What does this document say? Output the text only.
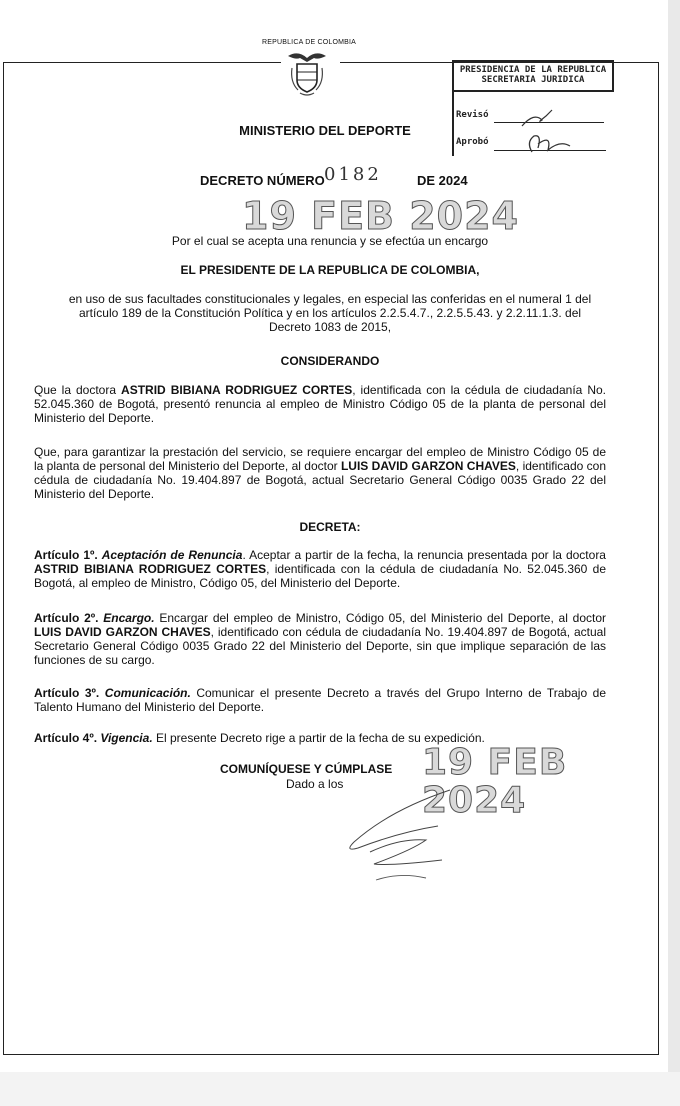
REPUBLICA DE COLOMBIA
PRESIDENCIA DE LA REPUBLICA
SECRETARIA JURIDICA
Revisó
Aprobó
MINISTERIO DEL DEPORTE
DECRETO NÚMERO 0182	DE 2024
19 FEB 2024
Por el cual se acepta una renuncia y se efectúa un encargo
EL PRESIDENTE DE LA REPUBLICA DE COLOMBIA,
en uso de sus facultades constitucionales y legales, en especial las conferidas en el numeral 1 del
artículo 189 de la Constitución Política y en los artículos 2.2.5.4.7., 2.2.5.5.43. y 2.2.11.1.3. del
Decreto 1083 de 2015,
CONSIDERANDO
Que la doctora ASTRID BIBIANA RODRIGUEZ CORTES, identificada con la cédula de ciudadanía No. 52.045.360 de Bogotá, presentó renuncia al empleo de Ministro Código 05 de la planta de personal del Ministerio del Deporte.
Que, para garantizar la prestación del servicio, se requiere encargar del empleo de Ministro Código 05 de la planta de personal del Ministerio del Deporte, al doctor LUIS DAVID GARZON CHAVES, identificado con cédula de ciudadanía No. 19.404.897 de Bogotá, actual Secretario General Código 0035 Grado 22 del Ministerio del Deporte.
DECRETA:
Artículo 1º. Aceptación de Renuncia. Aceptar a partir de la fecha, la renuncia presentada por la doctora ASTRID BIBIANA RODRIGUEZ CORTES, identificada con la cédula de ciudadanía No. 52.045.360 de Bogotá, al empleo de Ministro, Código 05, del Ministerio del Deporte.
Artículo 2º. Encargo. Encargar del empleo de Ministro, Código 05, del Ministerio del Deporte, al doctor LUIS DAVID GARZON CHAVES, identificado con cédula de ciudadanía No. 19.404.897 de Bogotá, actual Secretario General Código 0035 Grado 22 del Ministerio del Deporte, sin que implique separación de las funciones de su cargo.
Artículo 3º. Comunicación. Comunicar el presente Decreto a través del Grupo Interno de Trabajo de Talento Humano del Ministerio del Deporte.
Artículo 4º. Vigencia. El presente Decreto rige a partir de la fecha de su expedición.
COMUNÍQUESE Y CÚMPLASE 19 FEB 2024
Dado a los
